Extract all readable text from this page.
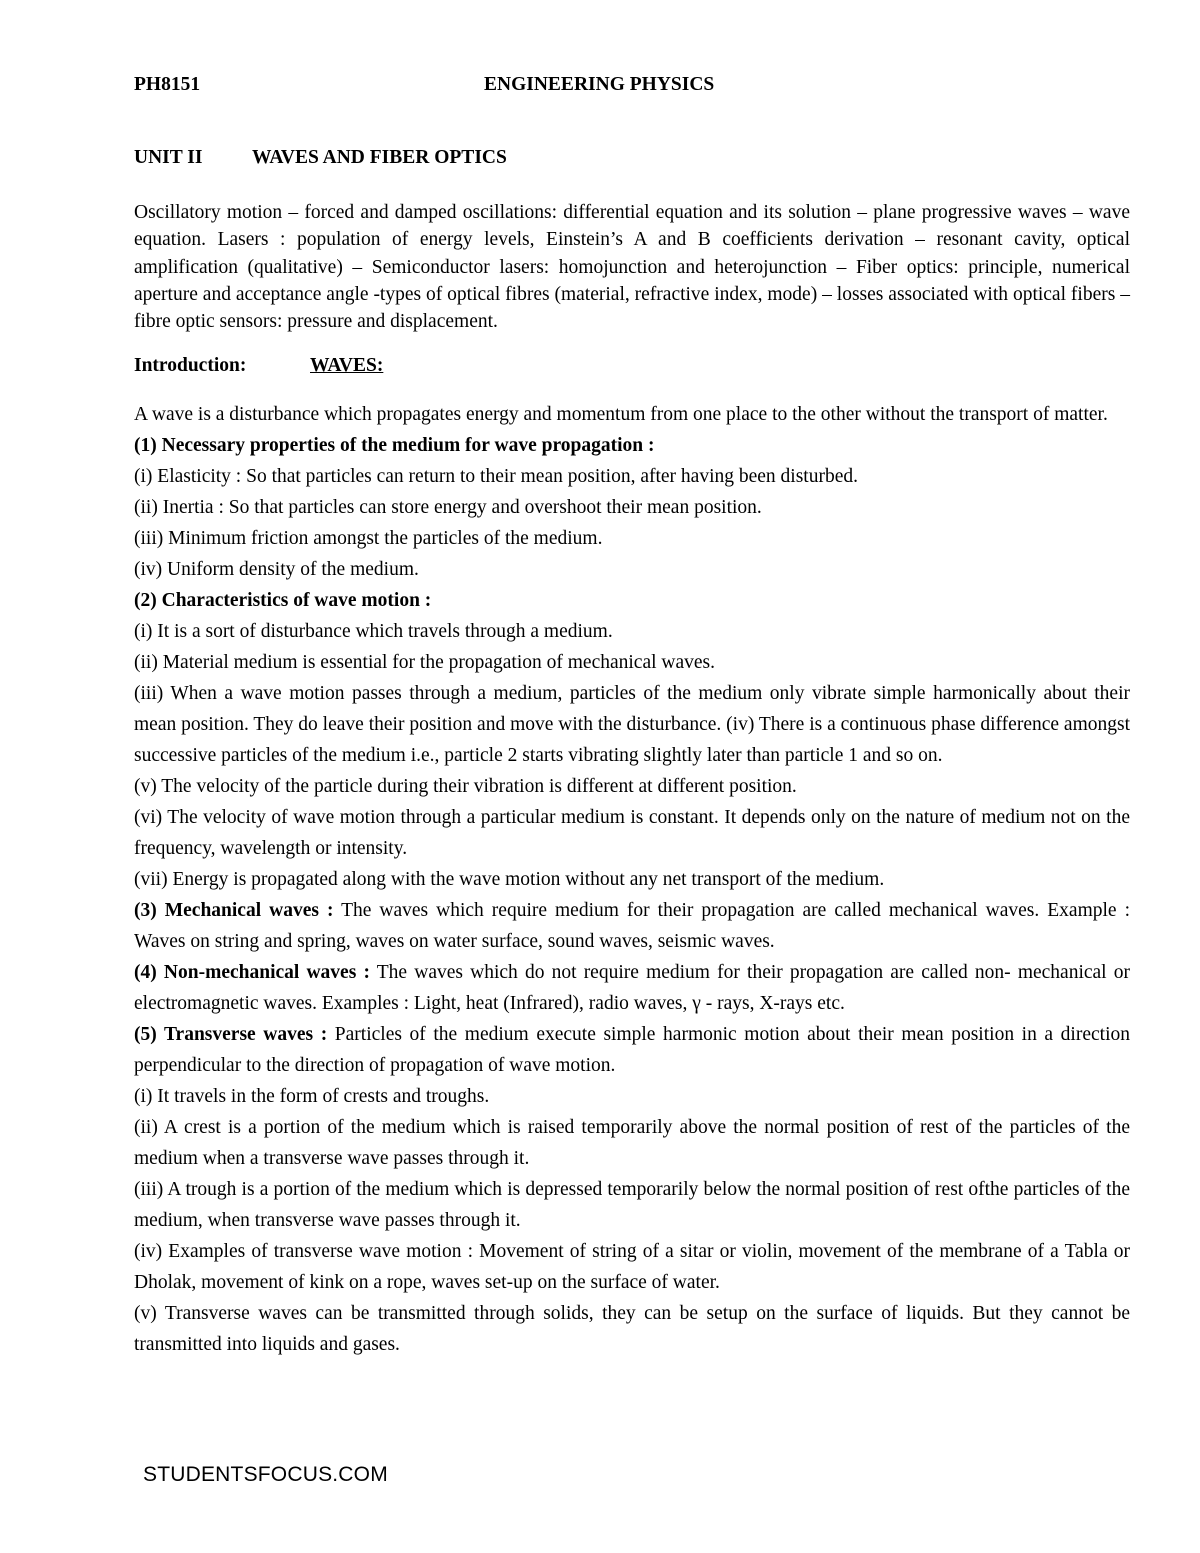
PH8151	ENGINEERING PHYSICS
UNIT II	WAVES AND FIBER OPTICS

Oscillatory motion – forced and damped oscillations: differential equation and its solution – plane progressive waves – wave equation. Lasers : population of energy levels, Einstein’s A and B coefficients derivation – resonant cavity, optical amplification (qualitative) – Semiconductor lasers: homojunction and heterojunction – Fiber optics: principle, numerical aperture and acceptance angle -types of optical fibres (material, refractive index, mode) – losses associated with optical fibers – fibre optic sensors: pressure and displacement.

Introduction:	WAVES:

A wave is a disturbance which propagates energy and momentum from one place to the other without the transport of matter.

(1) Necessary properties of the medium for wave propagation :

(i) Elasticity : So that particles can return to their mean position, after having been disturbed.

(ii) Inertia : So that particles can store energy and overshoot their mean position.

(iii) Minimum friction amongst the particles of the medium.

(iv) Uniform density of the medium.

(2) Characteristics of wave motion :

(i) It is a sort of disturbance which travels through a medium.

(ii) Material medium is essential for the propagation of mechanical waves.

(iii) When a wave motion passes through a medium, particles of the medium only vibrate simple harmonically about their mean position. They do leave their position and move with the disturbance. (iv) There is a continuous phase difference amongst successive particles of the medium i.e., particle 2 starts vibrating slightly later than particle 1 and so on.

(v) The velocity of the particle during their vibration is different at different position.

(vi) The velocity of wave motion through a particular medium is constant. It depends only on the nature of medium not on the frequency, wavelength or intensity.

(vii) Energy is propagated along with the wave motion without any net transport of the medium.

(3) Mechanical waves : The waves which require medium for their propagation are called mechanical waves. Example : Waves on string and spring, waves on water surface, sound waves, seismic waves.

(4) Non-mechanical waves : The waves which do not require medium for their propagation are called non- mechanical or electromagnetic waves. Examples : Light, heat (Infrared), radio waves, γ - rays, X-rays etc.

(5) Transverse waves : Particles of the medium execute simple harmonic motion about their mean position in a direction perpendicular to the direction of propagation of wave motion.

(i) It travels in the form of crests and troughs.

(ii) A crest is a portion of the medium which is raised temporarily above the normal position of rest of the particles of the medium when a transverse wave passes through it.

(iii) A trough is a portion of the medium which is depressed temporarily below the normal position of rest ofthe particles of the medium, when transverse wave passes through it.

(iv) Examples of transverse wave motion : Movement of string of a sitar or violin, movement of the membrane of a Tabla or Dholak, movement of kink on a rope, waves set-up on the surface of water.

(v) Transverse waves can be transmitted through solids, they can be setup on the surface of liquids. But they cannot be transmitted into liquids and gases.

STUDENTSFOCUS.COM
